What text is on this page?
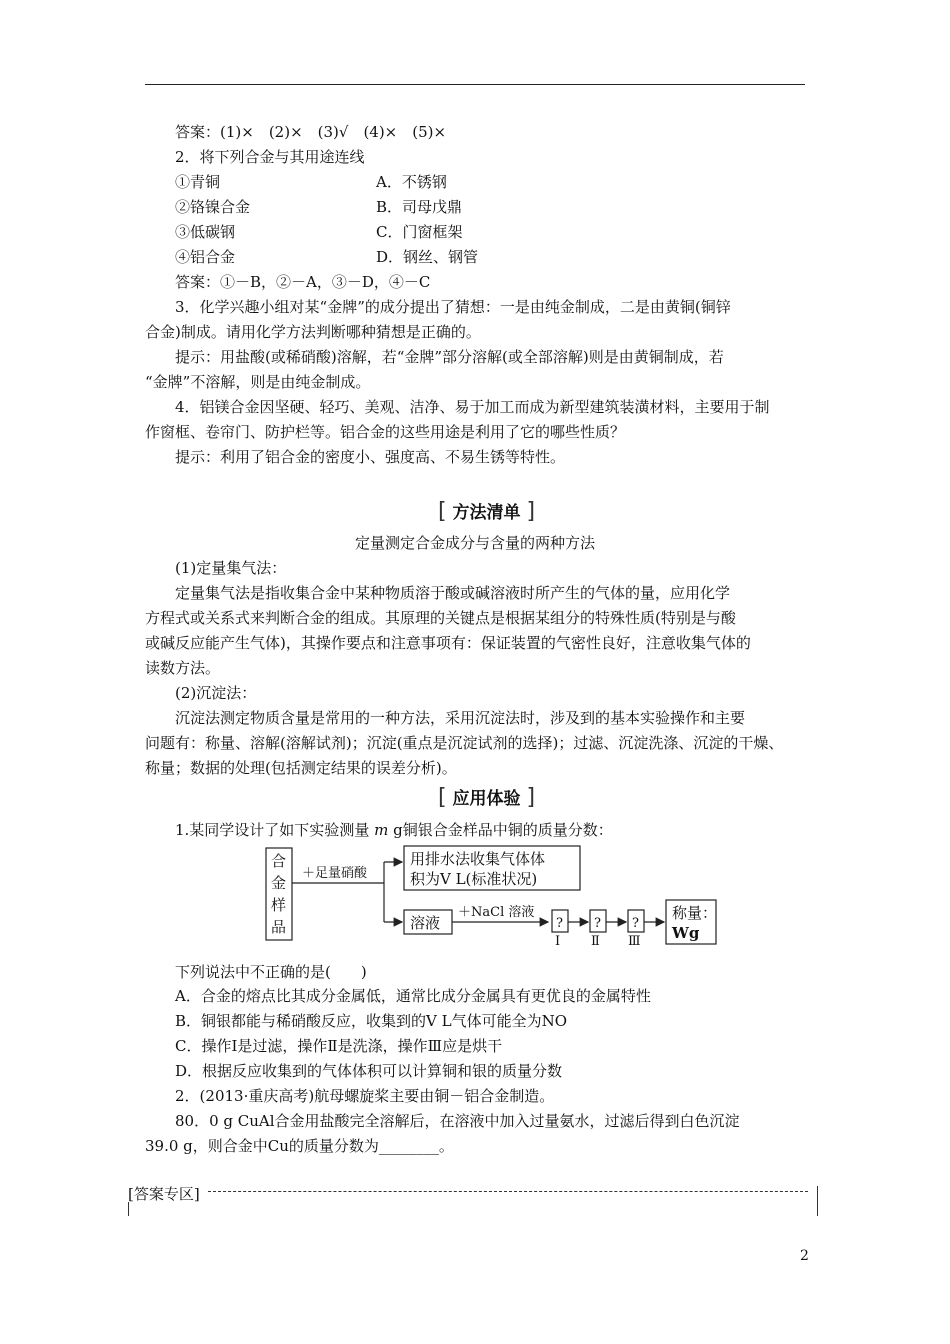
答案：(1)×　(2)×　(3)√　(4)×　(5)×
2．将下列合金与其用途连线
①青铜	A．不锈钢
②铬镍合金	B．司母戊鼎
③低碳钢	C．门窗框架
④铝合金	D．钢丝、钢管
答案：①－B，②－A，③－D，④－C
3．化学兴趣小组对某“金牌”的成分提出了猜想：一是由纯金制成，二是由黄铜(铜锌
合金)制成。请用化学方法判断哪种猜想是正确的。
提示：用盐酸(或稀硝酸)溶解，若“金牌”部分溶解(或全部溶解)则是由黄铜制成，若
“金牌”不溶解，则是由纯金制成。
4．铝镁合金因坚硬、轻巧、美观、洁净、易于加工而成为新型建筑装潢材料，主要用于制
作窗框、卷帘门、防护栏等。铝合金的这些用途是利用了它的哪些性质？
提示：利用了铝合金的密度小、强度高、不易生锈等特性。
[ 方法清单 ]
定量测定合金成分与含量的两种方法
(1)定量集气法：
定量集气法是指收集合金中某种物质溶于酸或碱溶液时所产生的气体的量，应用化学
方程式或关系式来判断合金的组成。其原理的关键点是根据某组分的特殊性质(特别是与酸
或碱反应能产生气体)，其操作要点和注意事项有：保证装置的气密性良好，注意收集气体的
读数方法。
(2)沉淀法：
沉淀法测定物质含量是常用的一种方法，采用沉淀法时，涉及到的基本实验操作和主要
问题有：称量、溶解(溶解试剂)；沉淀(重点是沉淀试剂的选择)；过滤、沉淀洗涤、沉淀的干燥、
称量；数据的处理(包括测定结果的误差分析)。
[ 应用体验 ]
1.某同学设计了如下实验测量 m g铜银合金样品中铜的质量分数：
合
金
样
品
＋足量硝酸
用排水法收集气体体
积为V L(标准状况)
溶液
＋NaCl 溶液
? ? ?
Ⅰ Ⅱ Ⅲ
称量：
Wg
下列说法中不正确的是(　　)
A．合金的熔点比其成分金属低，通常比成分金属具有更优良的金属特性
B．铜银都能与稀硝酸反应，收集到的V L气体可能全为NO
C．操作Ⅰ是过滤，操作Ⅱ是洗涤，操作Ⅲ应是烘干
D．根据反应收集到的气体体积可以计算铜和银的质量分数
2．(2013·重庆高考)航母螺旋桨主要由铜－铝合金制造。
80．0 g CuAl合金用盐酸完全溶解后，在溶液中加入过量氨水，过滤后得到白色沉淀
39.0 g，则合金中Cu的质量分数为________。
[答案专区]
2
